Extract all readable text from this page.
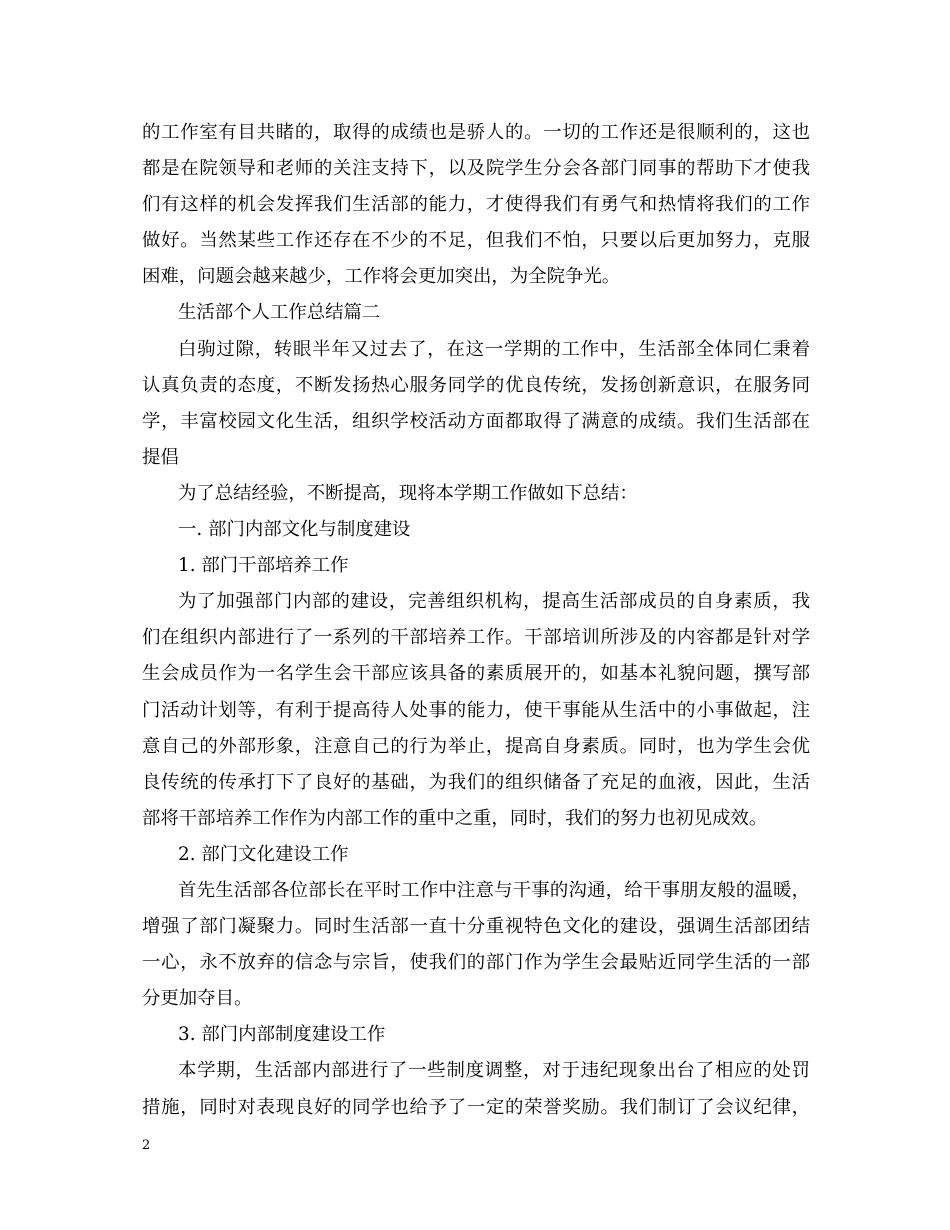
的工作室有目共睹的，取得的成绩也是骄人的。一切的工作还是很顺利的，这也
都是在院领导和老师的关注支持下，以及院学生分会各部门同事的帮助下才使我
们有这样的机会发挥我们生活部的能力，才使得我们有勇气和热情将我们的工作
做好。当然某些工作还存在不少的不足，但我们不怕，只要以后更加努力，克服
困难，问题会越来越少，工作将会更加突出，为全院争光。
生活部个人工作总结篇二
白驹过隙，转眼半年又过去了，在这一学期的工作中，生活部全体同仁秉着
认真负责的态度，不断发扬热心服务同学的优良传统，发扬创新意识，在服务同
学，丰富校园文化生活，组织学校活动方面都取得了满意的成绩。我们生活部在
提倡
为了总结经验，不断提高，现将本学期工作做如下总结：
一. 部门内部文化与制度建设
1. 部门干部培养工作
为了加强部门内部的建设，完善组织机构，提高生活部成员的自身素质，我
们在组织内部进行了一系列的干部培养工作。干部培训所涉及的内容都是针对学
生会成员作为一名学生会干部应该具备的素质展开的，如基本礼貌问题，撰写部
门活动计划等，有利于提高待人处事的能力，使干事能从生活中的小事做起，注
意自己的外部形象，注意自己的行为举止，提高自身素质。同时，也为学生会优
良传统的传承打下了良好的基础，为我们的组织储备了充足的血液，因此，生活
部将干部培养工作作为内部工作的重中之重，同时，我们的努力也初见成效。
2. 部门文化建设工作
首先生活部各位部长在平时工作中注意与干事的沟通，给干事朋友般的温暖，
增强了部门凝聚力。同时生活部一直十分重视特色文化的建设，强调生活部团结
一心，永不放弃的信念与宗旨，使我们的部门作为学生会最贴近同学生活的一部
分更加夺目。
3. 部门内部制度建设工作
本学期，生活部内部进行了一些制度调整，对于违纪现象出台了相应的处罚
措施，同时对表现良好的同学也给予了一定的荣誉奖励。我们制订了会议纪律，
2
